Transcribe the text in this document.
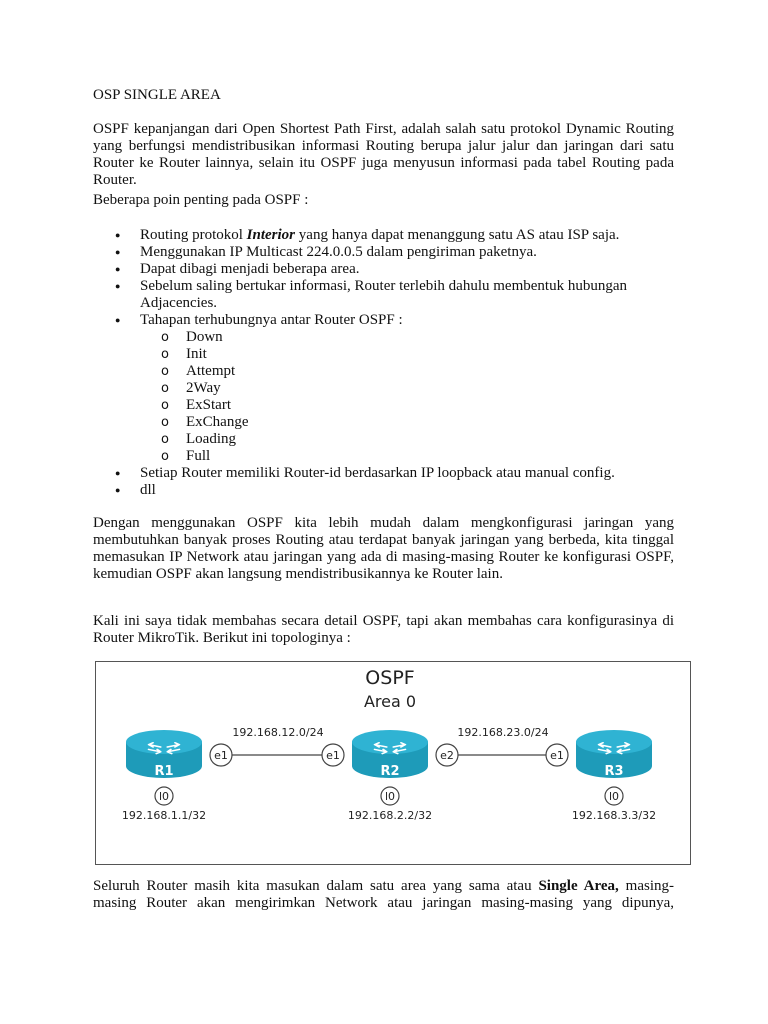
OSP SINGLE AREA
OSPF kepanjangan dari Open Shortest Path First, adalah salah satu protokol Dynamic Routing
yang berfungsi mendistribusikan informasi Routing berupa jalur jalur dan jaringan dari satu
Router ke Router lainnya, selain itu OSPF juga menyusun informasi pada tabel Routing pada
Router.
Beberapa poin penting pada OSPF :
● Routing protokol Interior yang hanya dapat menanggung satu AS atau ISP saja.
● Menggunakan IP Multicast 224.0.0.5 dalam pengiriman paketnya.
● Dapat dibagi menjadi beberapa area.
● Sebelum saling bertukar informasi, Router terlebih dahulu membentuk hubungan
Adjacencies.
● Tahapan terhubungnya antar Router OSPF :
o Down
o Init
o Attempt
o 2Way
o ExStart
o ExChange
o Loading
o Full
● Setiap Router memiliki Router-id berdasarkan IP loopback atau manual config.
● dll
Dengan menggunakan OSPF kita lebih mudah dalam mengkonfigurasi jaringan yang
membutuhkan banyak proses Routing atau terdapat banyak jaringan yang berbeda, kita tinggal
memasukan IP Network atau jaringan yang ada di masing-masing Router ke konfigurasi OSPF,
kemudian OSPF akan langsung mendistribusikannya ke Router lain.
Kali ini saya tidak membahas secara detail OSPF, tapi akan membahas cara konfigurasinya di
Router MikroTik. Berikut ini topologinya :
OSPF
Area 0
192.168.12.0/24	192.168.23.0/24
R1
l0
192.168.1.1/32
R2
l0
192.168.2.2/32
R3
l0
192.168.3.3/32
e1	e1	e2	e1
Seluruh Router masih kita masukan dalam satu area yang sama atau Single Area, masing-
masing Router akan mengirimkan Network atau jaringan masing-masing yang dipunya,
